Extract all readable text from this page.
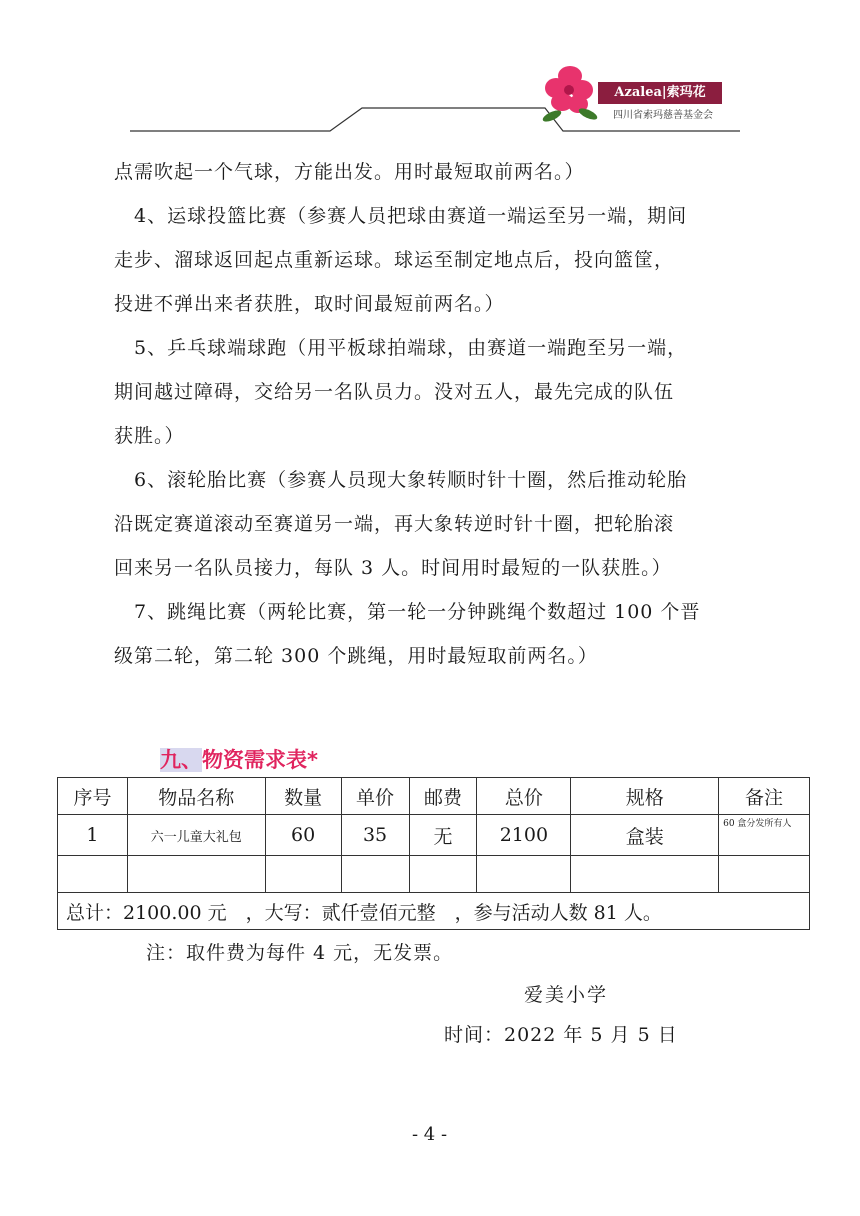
Azalea|索玛花
四川省索玛慈善基金会
点需吹起一个气球，方能出发。用时最短取前两名。）
　4、运球投篮比赛（参赛人员把球由赛道一端运至另一端，期间
走步、溜球返回起点重新运球。球运至制定地点后，投向篮筐，
投进不弹出来者获胜，取时间最短前两名。）
　5、乒乓球端球跑（用平板球拍端球，由赛道一端跑至另一端，
期间越过障碍，交给另一名队员力。没对五人，最先完成的队伍
获胜。）
　6、滚轮胎比赛（参赛人员现大象转顺时针十圈，然后推动轮胎
沿既定赛道滚动至赛道另一端，再大象转逆时针十圈，把轮胎滚
回来另一名队员接力，每队 3 人。时间用时最短的一队获胜。）
　7、跳绳比赛（两轮比赛，第一轮一分钟跳绳个数超过 100 个晋
级第二轮，第二轮 300 个跳绳，用时最短取前两名。）
九、物资需求表*
序号	物品名称	数量	单价	邮费	总价	规格	备注
1	六一儿童大礼包	60	35	无	2100	盒装	60 盒分发所有人

总计：2100.00 元　，大写：贰仟壹佰元整　，参与活动人数 81 人。							
注：取件费为每件 4 元，无发票。
爱美小学
时间：2022 年 5 月 5 日
- 4 -
